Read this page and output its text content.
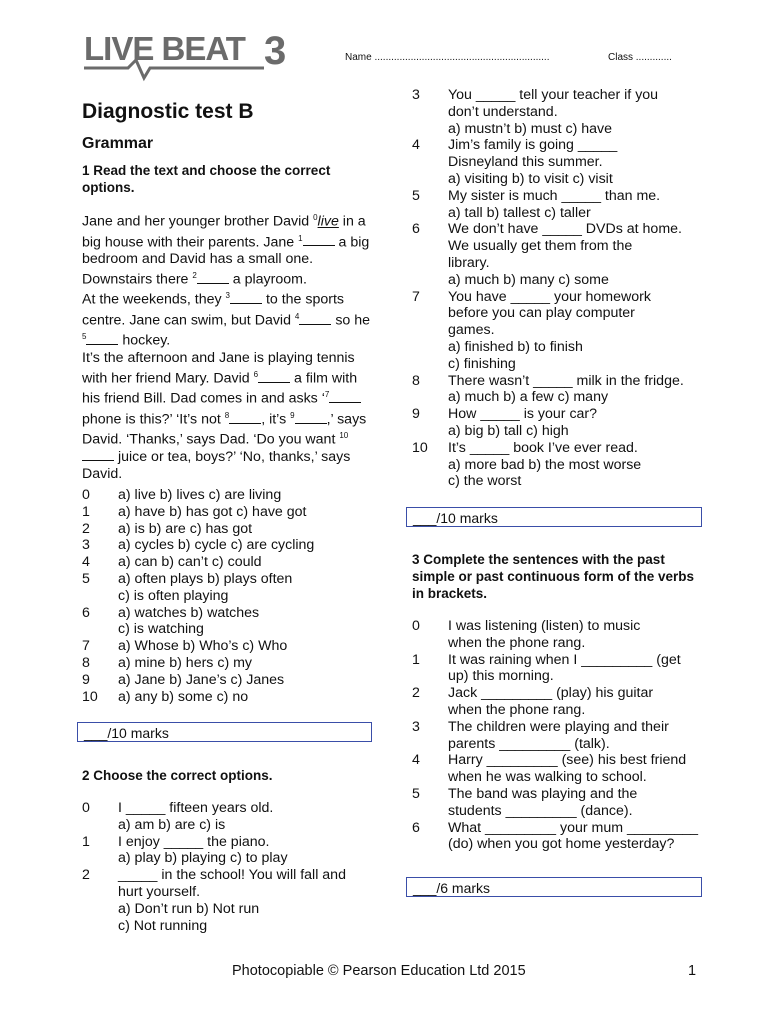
LIVE BEAT 3	Name ...............................................................	Class .............
Diagnostic test B
Grammar
1 Read the text and choose the correct options.
Jane and her younger brother David $^0$live in a big house with their parents. Jane $^1$ a big bedroom and David has a small one. Downstairs there $^2$ a playroom.
At the weekends, they $^3$ to the sports centre. Jane can swim, but David $^4$ so he $^5$ hockey.
It’s the afternoon and Jane is playing tennis with her friend Mary. David $^6$ a film with his friend Bill. Dad comes in and asks ‘$^7$ phone is this?’ ‘It’s not $^8$ , it’s $^9$ ,’ says David. ‘Thanks,’ says Dad. ‘Do you want $^{10}$ juice or tea, boys?’ ‘No, thanks,’ says David.
0	a) live b) lives c) are living
1	a) have b) has got c) have got
2	a) is b) are c) has got
3	a) cycles b) cycle c) are cycling
4	a) can b) can’t c) could
5	a) often plays b) plays often
c) is often playing
6	a) watches b) watches
c) is watching
7	a) Whose b) Who’s c) Who
8	a) mine b) hers c) my
9	a) Jane b) Jane’s c) Janes
10	a) any b) some c) no
___/10 marks
2 Choose the correct options.
0	I _____ fifteen years old.
a) am b) are c) is
1	I enjoy _____ the piano.
a) play b) playing c) to play
2	_____ in the school! You will fall and
hurt yourself.
a) Don’t run b) Not run
c) Not running
3	You _____ tell your teacher if you
don’t understand.
a) mustn’t b) must c) have
4	Jim’s family is going _____
Disneyland this summer.
a) visiting b) to visit c) visit
5	My sister is much _____ than me.
a) tall b) tallest c) taller
6	We don’t have _____ DVDs at home.
We usually get them from the
library.
a) much b) many c) some
7	You have _____ your homework
before you can play computer
games.
a) finished b) to finish
c) finishing
8	There wasn’t _____ milk in the fridge.
a) much b) a few c) many
9	How _____ is your car?
a) big b) tall c) high
10	It’s _____ book I’ve ever read.
a) more bad b) the most worse
c) the worst
___/10 marks
3 Complete the sentences with the past simple or past continuous form of the verbs in brackets.
0	I was listening (listen) to music
when the phone rang.
1	It was raining when I _________ (get
up) this morning.
2	Jack _________ (play) his guitar
when the phone rang.
3	The children were playing and their
parents _________ (talk).
4	Harry _________ (see) his best friend
when he was walking to school.
5	The band was playing and the
students _________ (dance).
6	What _________ your mum _________
(do) when you got home yesterday?
___/6 marks
Photocopiable © Pearson Education Ltd 2015	1
